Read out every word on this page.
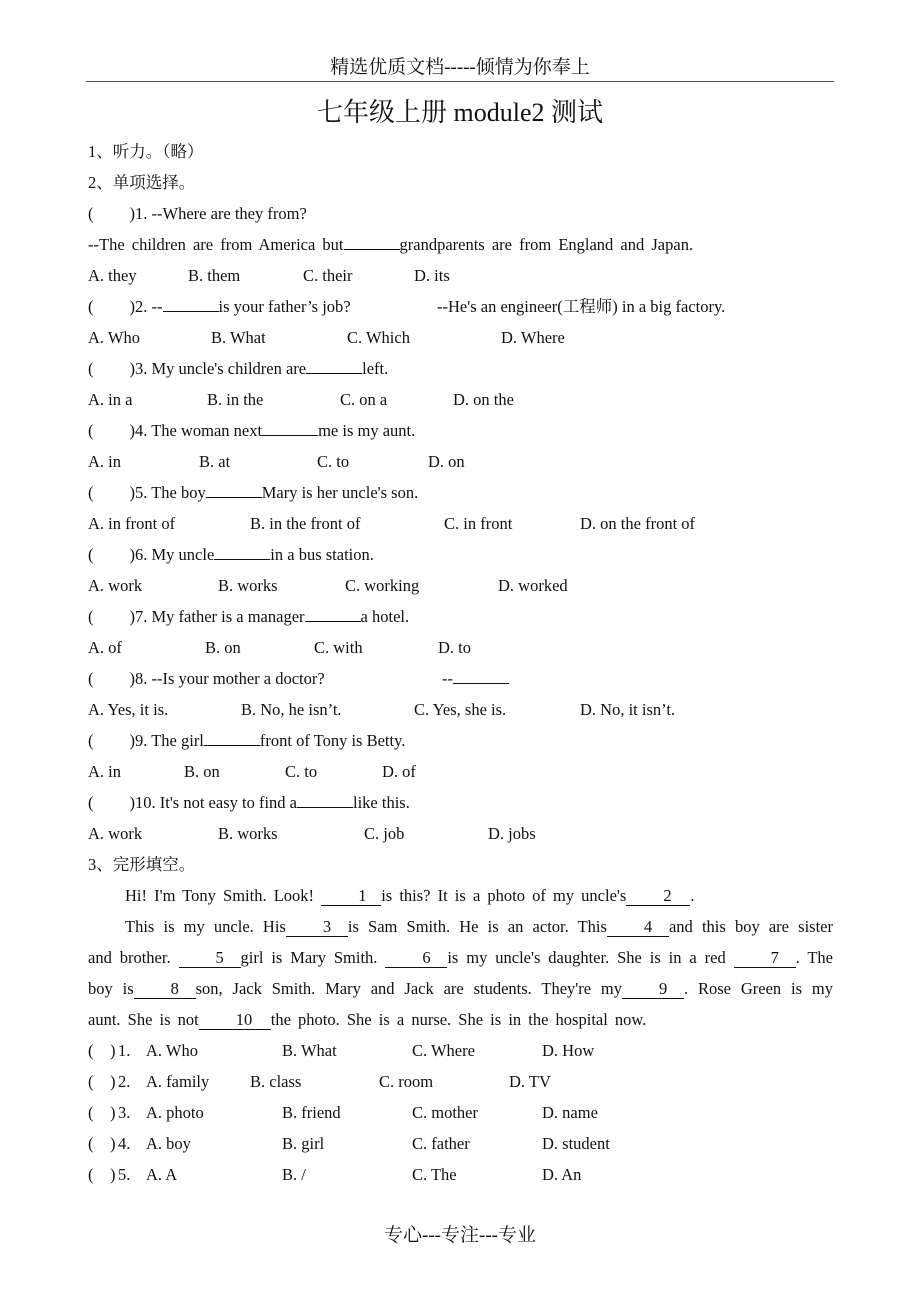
精选优质文档-----倾情为你奉上
七年级上册 module2 测试
1、听力。（略）
2、单项选择。
( )1. --Where are they from?
--The children are from America but	grandparents are from England and Japan.
A. they	B. them	C. their	D. its
( )2. --	is your father’s job?	--He's an engineer(工程师) in a big factory.
A. Who	B. What	C. Which	D. Where
( )3. My uncle's children are	left.
A. in a	B. in the	C. on a	D. on the
( )4. The woman next	me is my aunt.
A. in	B. at	C. to	D. on
( )5. The boy	Mary is her uncle's son.
A. in front of	B. in the front of	C. in front	D. on the front of
( )6. My uncle	in a bus station.
A. work	B. works	C. working	D. worked
( )7. My father is a manager	a hotel.
A. of	B. on	C. with	D. to
( )8. --Is your mother a doctor?	--
A. Yes, it is.	B. No, he isn’t.	C. Yes, she is.	D. No, it isn’t.
( )9. The girl	front of Tony is Betty.
A. in	B. on	C. to	D. of
( )10. It's not easy to find a	like this.
A. work	B. works	C. job	D. jobs
3、完形填空。
Hi! I'm Tony Smith. Look!	1 is this? It is a photo of my uncle's 2 .
This is my uncle. His 3 is Sam Smith. He is an actor. This 4 and this boy are sister and brother.	5 girl is Mary Smith.	6 is my uncle's daughter. She is in a red	7 . The boy is 8 son, Jack Smith. Mary and Jack are students. They're my 9 . Rose Green is my aunt. She is not 10 the photo. She is a nurse. She is in the hospital now.
( ) 1. A. Who	B. What	C. Where	D. How
( ) 2. A. family B. class	C. room	D. TV
( ) 3. A. photo	B. friend	C. mother	D. name
( ) 4. A. boy	B. girl	C. father	D. student
( ) 5. A. A	B. /	C. The	D. An
专心---专注---专业
